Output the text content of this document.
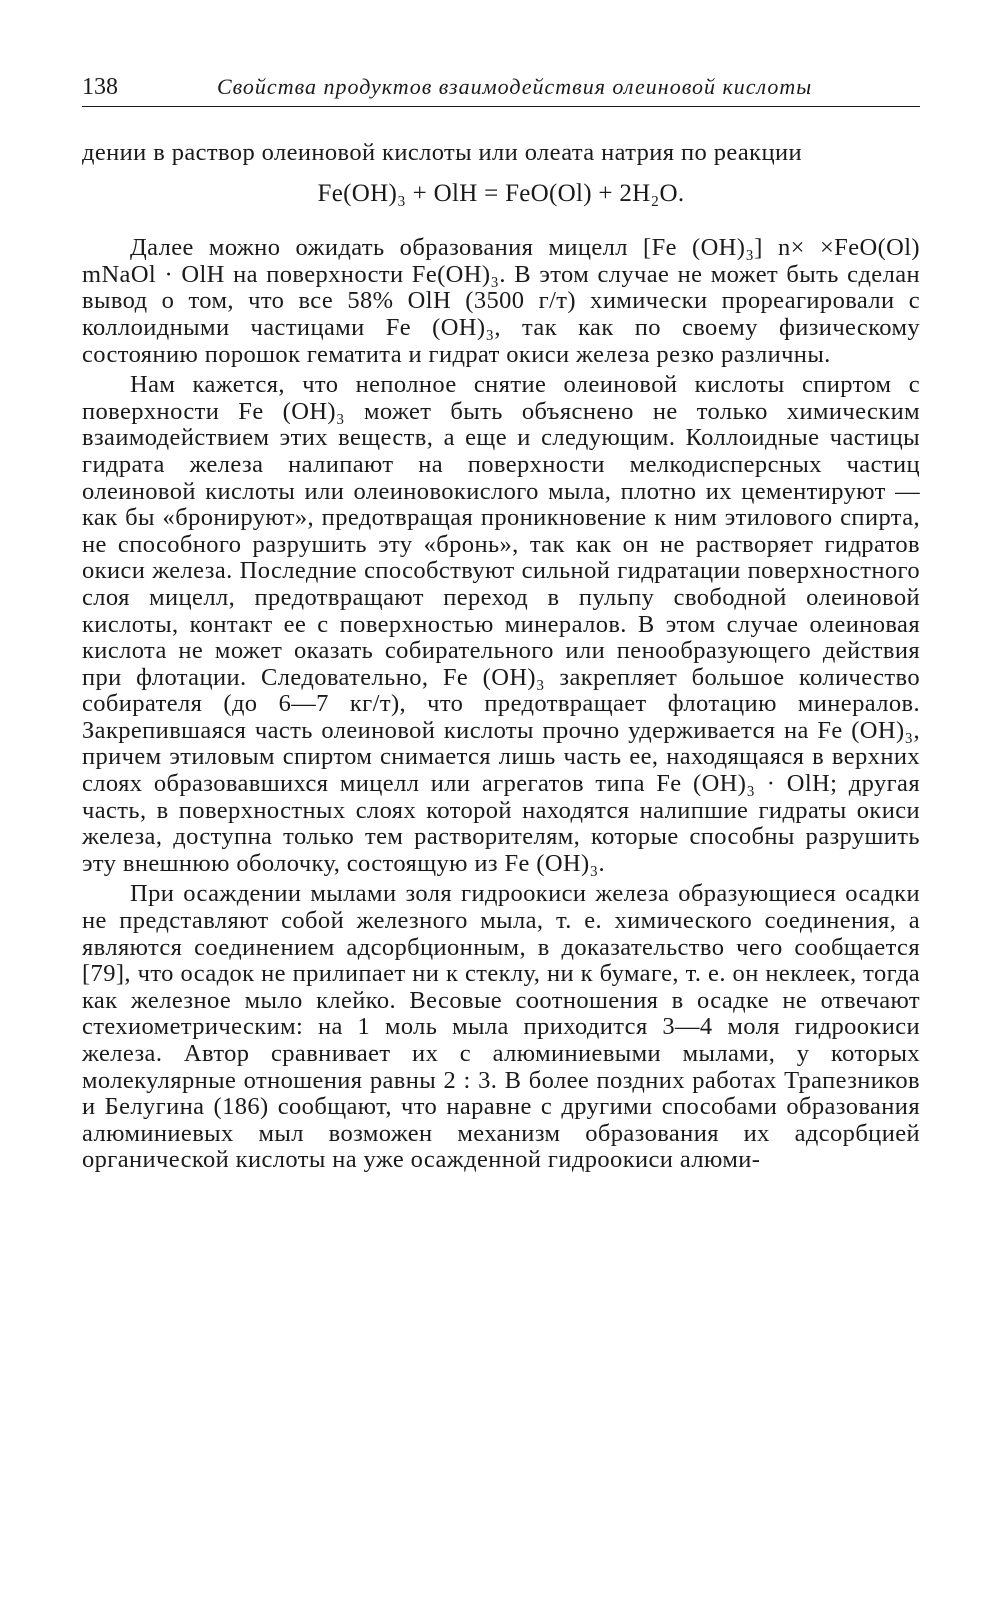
138	Свойства продуктов взаимодействия олеиновой кислоты

дении в раствор олеиновой кислоты или олеата натрия по реакции

Fe(OH)₃ + OlH = FeO(Ol) + 2H₂O.

Далее можно ожидать образования мицелл [Fe (OH)₃] n× ×FeO(Ol) mNaOl · OlH на поверхности Fe(OH)₃. В этом случае не может быть сделан вывод о том, что все 58% OlH (3500 г/т) химически прореагировали с коллоидными частицами Fe (OH)₃, так как по своему физическому состоянию порошок гематита и гидрат окиси железа резко различны.

Нам кажется, что неполное снятие олеиновой кислоты спиртом с поверхности Fe (OH)₃ может быть объяснено не только химическим взаимодействием этих веществ, а еще и следующим. Коллоидные частицы гидрата железа налипают на поверхности мелкодисперсных частиц олеиновой кислоты или олеиновокислого мыла, плотно их цементируют — как бы «бронируют», предотвращая проникновение к ним этилового спирта, не способного разрушить эту «бронь», так как он не растворяет гидратов окиси железа. Последние способствуют сильной гидратации поверхностного слоя мицелл, предотвращают переход в пульпу свободной олеиновой кислоты, контакт ее с поверхностью минералов. В этом случае олеиновая кислота не может оказать собирательного или пенообразующего действия при флотации. Следовательно, Fe (OH)₃ закрепляет большое количество собирателя (до 6—7 кг/т), что предотвращает флотацию минералов. Закрепившаяся часть олеиновой кислоты прочно удерживается на Fe (OH)₃, причем этиловым спиртом снимается лишь часть ее, находящаяся в верхних слоях образовавшихся мицелл или агрегатов типа Fe (OH)₃ · OlH; другая часть, в поверхностных слоях которой находятся налипшие гидраты окиси железа, доступна только тем растворителям, которые способны разрушить эту внешнюю оболочку, состоящую из Fe (OH)₃.

При осаждении мылами золя гидроокиси железа образующиеся осадки не представляют собой железного мыла, т. е. химического соединения, а являются соединением адсорбционным, в доказательство чего сообщается [79], что осадок не прилипает ни к стеклу, ни к бумаге, т. е. он неклеек, тогда как железное мыло клейко. Весовые соотношения в осадке не отвечают стехиометрическим: на 1 моль мыла приходится 3—4 моля гидроокиси железа. Автор сравнивает их с алюминиевыми мылами, у которых молекулярные отношения равны 2 : 3. В более поздних работах Трапезников и Белугина (186) сообщают, что наравне с другими способами образования алюминиевых мыл возможен механизм образования их адсорбцией органической кислоты на уже осажденной гидроокиси алюми-
